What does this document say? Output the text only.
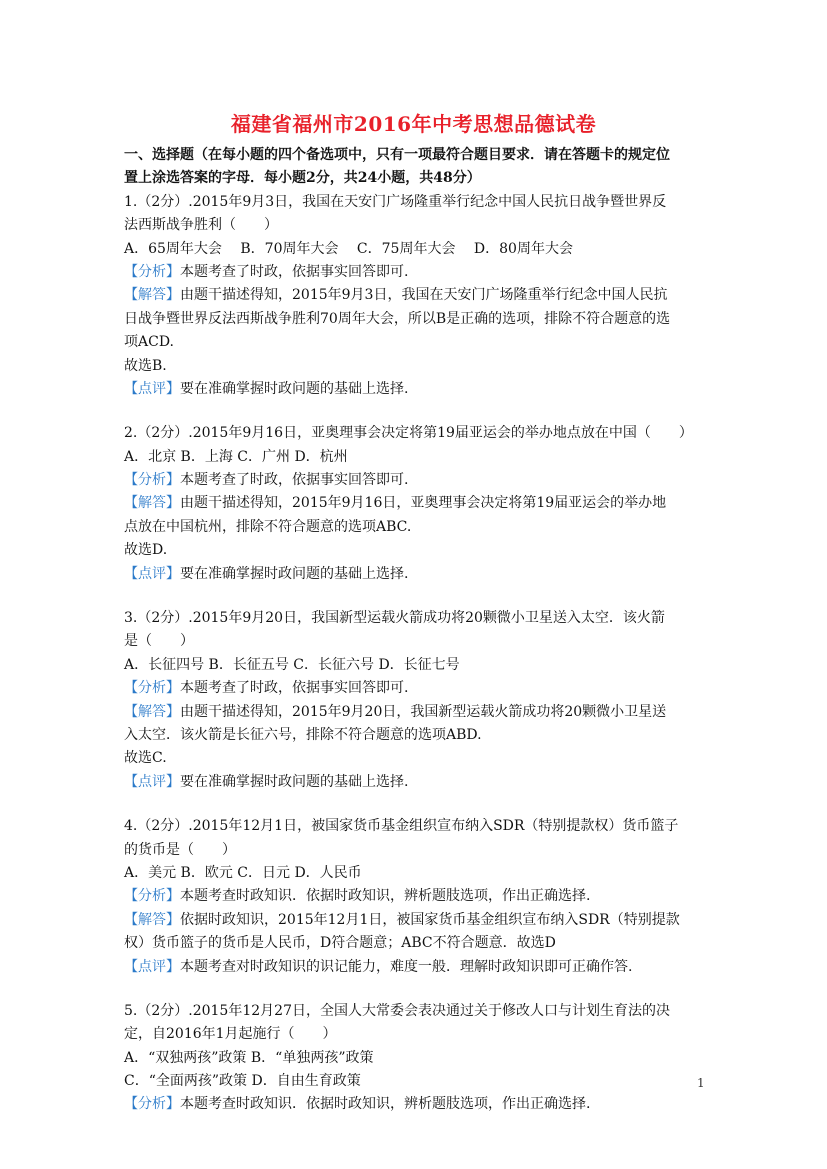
福建省福州市2016年中考思想品德试卷
一、选择题（在每小题的四个备选项中，只有一项最符合题目要求．请在答题卡的规定位
置上涂选答案的字母．每小题2分，共24小题，共48分）
1.（2分）.2015年9月3日，我国在天安门广场隆重举行纪念中国人民抗日战争暨世界反
法西斯战争胜利（　　）
A．65周年大会　 B．70周年大会　 C．75周年大会　 D．80周年大会
【分析】本题考查了时政，依据事实回答即可.
【解答】由题干描述得知，2015年9月3日，我国在天安门广场隆重举行纪念中国人民抗
日战争暨世界反法西斯战争胜利70周年大会，所以B是正确的选项，排除不符合题意的选
项ACD.
故选B.
【点评】要在准确掌握时政问题的基础上选择.
2.（2分）.2015年9月16日，亚奥理事会决定将第19届亚运会的举办地点放在中国（　　）
A．北京 B．上海 C．广州 D．杭州
【分析】本题考查了时政，依据事实回答即可.
【解答】由题干描述得知，2015年9月16日，亚奥理事会决定将第19届亚运会的举办地
点放在中国杭州，排除不符合题意的选项ABC.
故选D.
【点评】要在准确掌握时政问题的基础上选择.
3.（2分）.2015年9月20日，我国新型运载火箭成功将20颗微小卫星送入太空．该火箭
是（　　）
A．长征四号 B．长征五号 C．长征六号 D．长征七号
【分析】本题考查了时政，依据事实回答即可.
【解答】由题干描述得知，2015年9月20日，我国新型运载火箭成功将20颗微小卫星送
入太空．该火箭是长征六号，排除不符合题意的选项ABD.
故选C.
【点评】要在准确掌握时政问题的基础上选择.
4.（2分）.2015年12月1日，被国家货币基金组织宣布纳入SDR（特别提款权）货币篮子
的货币是（　　）
A．美元 B．欧元 C．日元 D．人民币
【分析】本题考查时政知识．依据时政知识，辨析题肢选项，作出正确选择.
【解答】依据时政知识，2015年12月1日，被国家货币基金组织宣布纳入SDR（特别提款
权）货币篮子的货币是人民币，D符合题意；ABC不符合题意．故选D
【点评】本题考查对时政知识的识记能力，难度一般．理解时政知识即可正确作答.
5.（2分）.2015年12月27日，全国人大常委会表决通过关于修改人口与计划生育法的决
定，自2016年1月起施行（　　）
A．“双独两孩”政策 B．“单独两孩”政策
C．“全面两孩”政策 D．自由生育政策
【分析】本题考查时政知识．依据时政知识，辨析题肢选项，作出正确选择.
1
